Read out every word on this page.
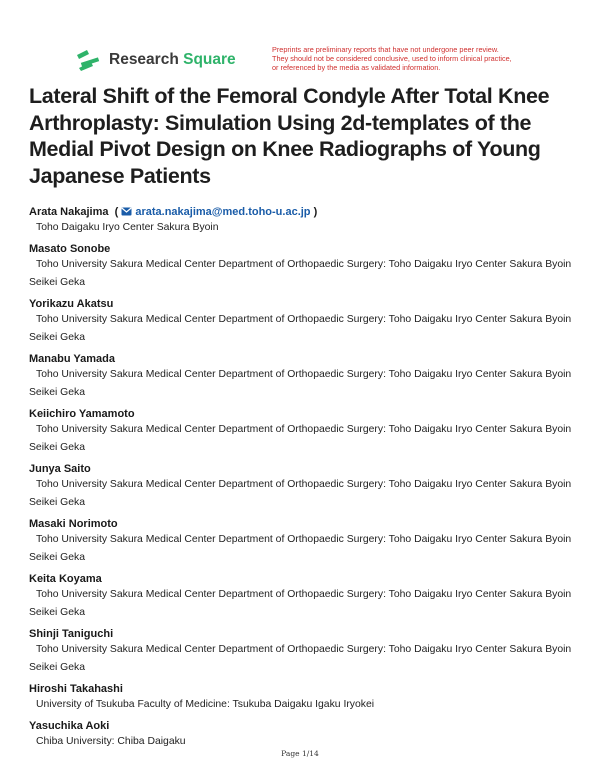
Research Square
Preprints are preliminary reports that have not undergone peer review.
They should not be considered conclusive, used to inform clinical practice,
or referenced by the media as validated information.
Lateral Shift of the Femoral Condyle After Total Knee Arthroplasty: Simulation Using 2d-templates of the Medial Pivot Design on Knee Radiographs of Young Japanese Patients
Arata Nakajima ( arata.nakajima@med.toho-u.ac.jp )
Toho Daigaku Iryo Center Sakura Byoin
Masato Sonobe
Toho University Sakura Medical Center Department of Orthopaedic Surgery: Toho Daigaku Iryo Center Sakura Byoin Seikei Geka
Yorikazu Akatsu
Toho University Sakura Medical Center Department of Orthopaedic Surgery: Toho Daigaku Iryo Center Sakura Byoin Seikei Geka
Manabu Yamada
Toho University Sakura Medical Center Department of Orthopaedic Surgery: Toho Daigaku Iryo Center Sakura Byoin Seikei Geka
Keiichiro Yamamoto
Toho University Sakura Medical Center Department of Orthopaedic Surgery: Toho Daigaku Iryo Center Sakura Byoin Seikei Geka
Junya Saito
Toho University Sakura Medical Center Department of Orthopaedic Surgery: Toho Daigaku Iryo Center Sakura Byoin Seikei Geka
Masaki Norimoto
Toho University Sakura Medical Center Department of Orthopaedic Surgery: Toho Daigaku Iryo Center Sakura Byoin Seikei Geka
Keita Koyama
Toho University Sakura Medical Center Department of Orthopaedic Surgery: Toho Daigaku Iryo Center Sakura Byoin Seikei Geka
Shinji Taniguchi
Toho University Sakura Medical Center Department of Orthopaedic Surgery: Toho Daigaku Iryo Center Sakura Byoin Seikei Geka
Hiroshi Takahashi
University of Tsukuba Faculty of Medicine: Tsukuba Daigaku Igaku Iryokei
Yasuchika Aoki
Chiba University: Chiba Daigaku
Page 1/14
